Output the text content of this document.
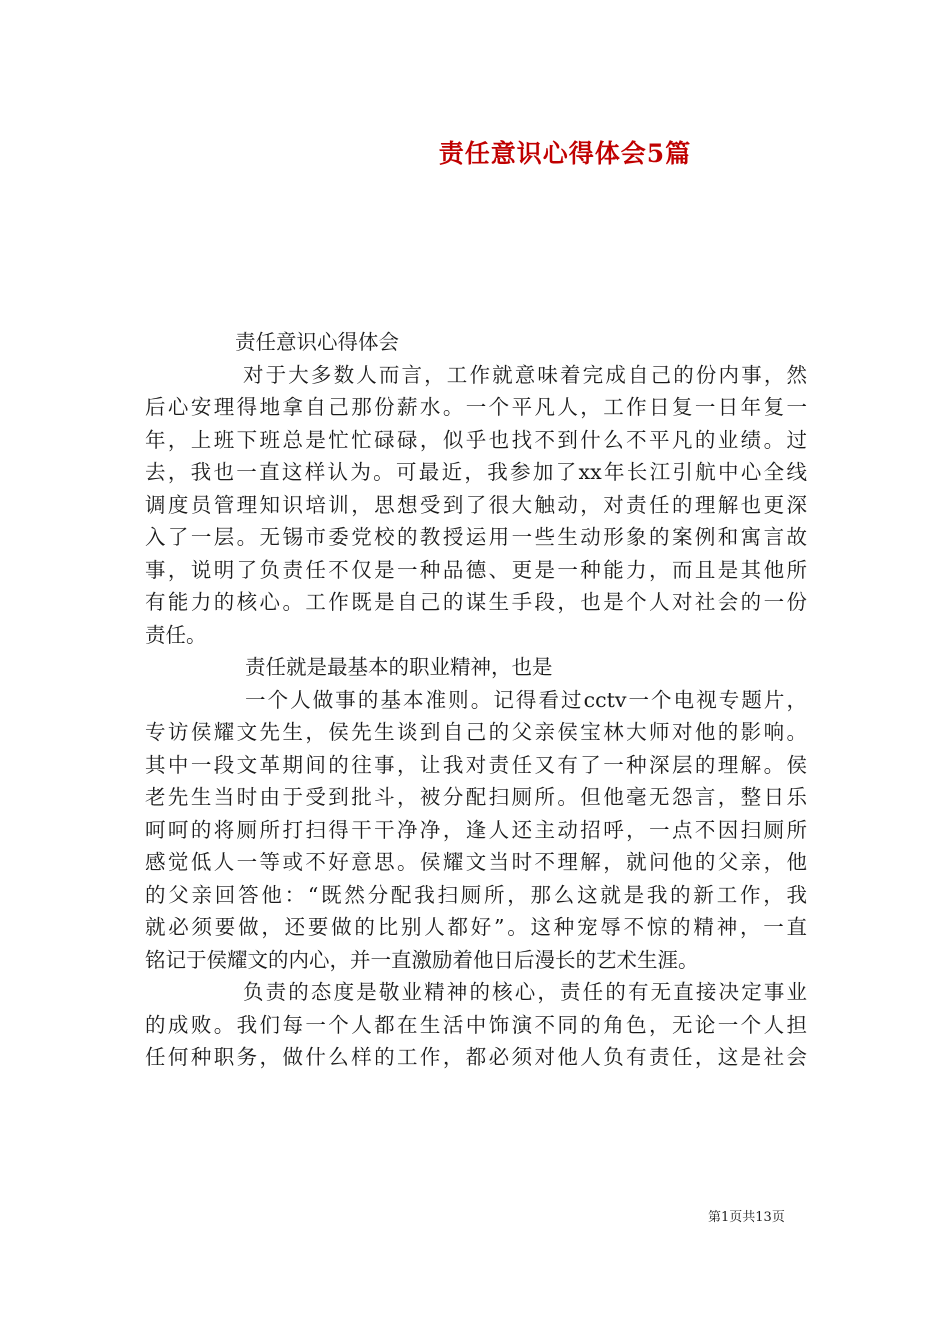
责任意识心得体会5篇
责任意识心得体会
对于大多数人而言，工作就意味着完成自己的份内事，然
后心安理得地拿自己那份薪水。一个平凡人，工作日复一日年复一
年，上班下班总是忙忙碌碌，似乎也找不到什么不平凡的业绩。过
去，我也一直这样认为。可最近，我参加了xx年长江引航中心全线
调度员管理知识培训，思想受到了很大触动，对责任的理解也更深
入了一层。无锡市委党校的教授运用一些生动形象的案例和寓言故
事，说明了负责任不仅是一种品德、更是一种能力，而且是其他所
有能力的核心。工作既是自己的谋生手段，也是个人对社会的一份
责任。
责任就是最基本的职业精神，也是
一个人做事的基本准则。记得看过cctv一个电视专题片，
专访侯耀文先生，侯先生谈到自己的父亲侯宝林大师对他的影响。
其中一段文革期间的往事，让我对责任又有了一种深层的理解。侯
老先生当时由于受到批斗，被分配扫厕所。但他毫无怨言，整日乐
呵呵的将厕所打扫得干干净净，逢人还主动招呼，一点不因扫厕所
感觉低人一等或不好意思。侯耀文当时不理解，就问他的父亲，他
的父亲回答他：“既然分配我扫厕所，那么这就是我的新工作，我
就必须要做，还要做的比别人都好”。这种宠辱不惊的精神，一直
铭记于侯耀文的内心，并一直激励着他日后漫长的艺术生涯。
负责的态度是敬业精神的核心，责任的有无直接决定事业
的成败。我们每一个人都在生活中饰演不同的角色，无论一个人担
任何种职务，做什么样的工作，都必须对他人负有责任，这是社会
第1页共13页
